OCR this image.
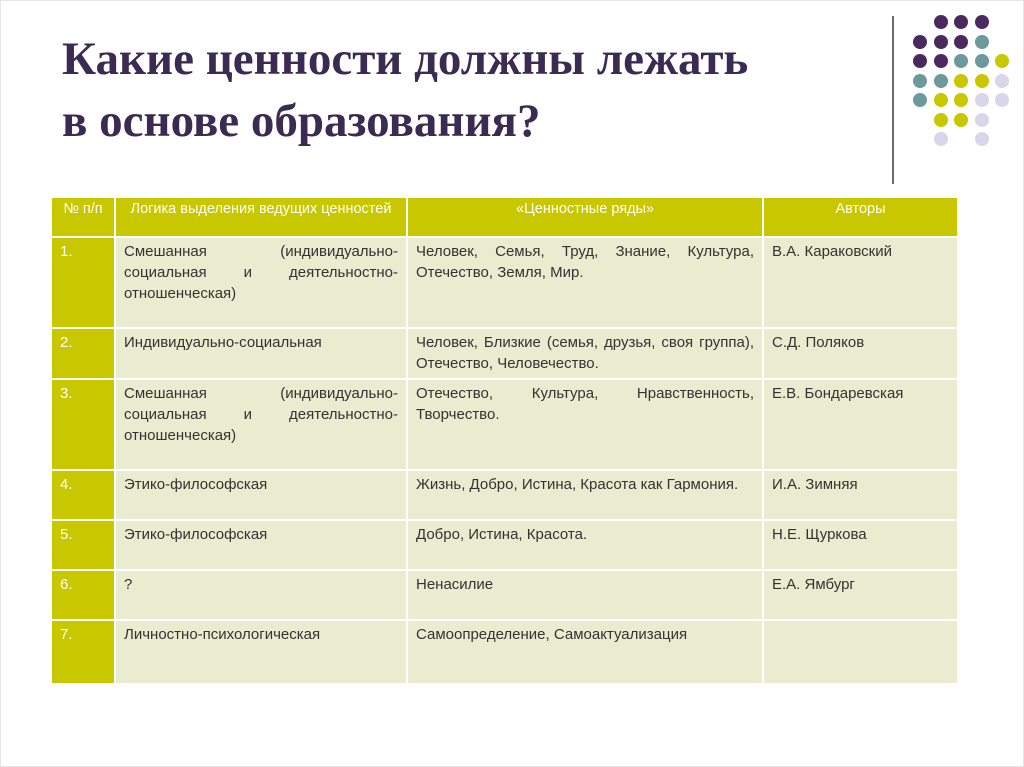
Какие ценности должны лежать
в основе образования?
№ п/п	Логика выделения ведущих ценностей	«Ценностные ряды»	Авторы
1.	Смешанная (индивидуально-социальная и деятельностно-отношенческая)	Человек, Семья, Труд, Знание, Культура, Отечество, Земля, Мир.	В.А. Караковский
2.	Индивидуально-социальная	Человек, Близкие (семья, друзья, своя группа), Отечество, Человечество.	С.Д. Поляков
3.	Смешанная (индивидуально-социальная и деятельностно-отношенческая)	Отечество, Культура, Нравственность, Творчество.	Е.В. Бондаревская
4.	Этико-философская	Жизнь, Добро, Истина, Красота как Гармония.	И.А. Зимняя
5.	Этико-философская	Добро, Истина, Красота.	Н.Е. Щуркова
6.	?	Ненасилие	Е.А. Ямбург
7.	Личностно-психологическая	Самоопределение, Самоактуализация	
